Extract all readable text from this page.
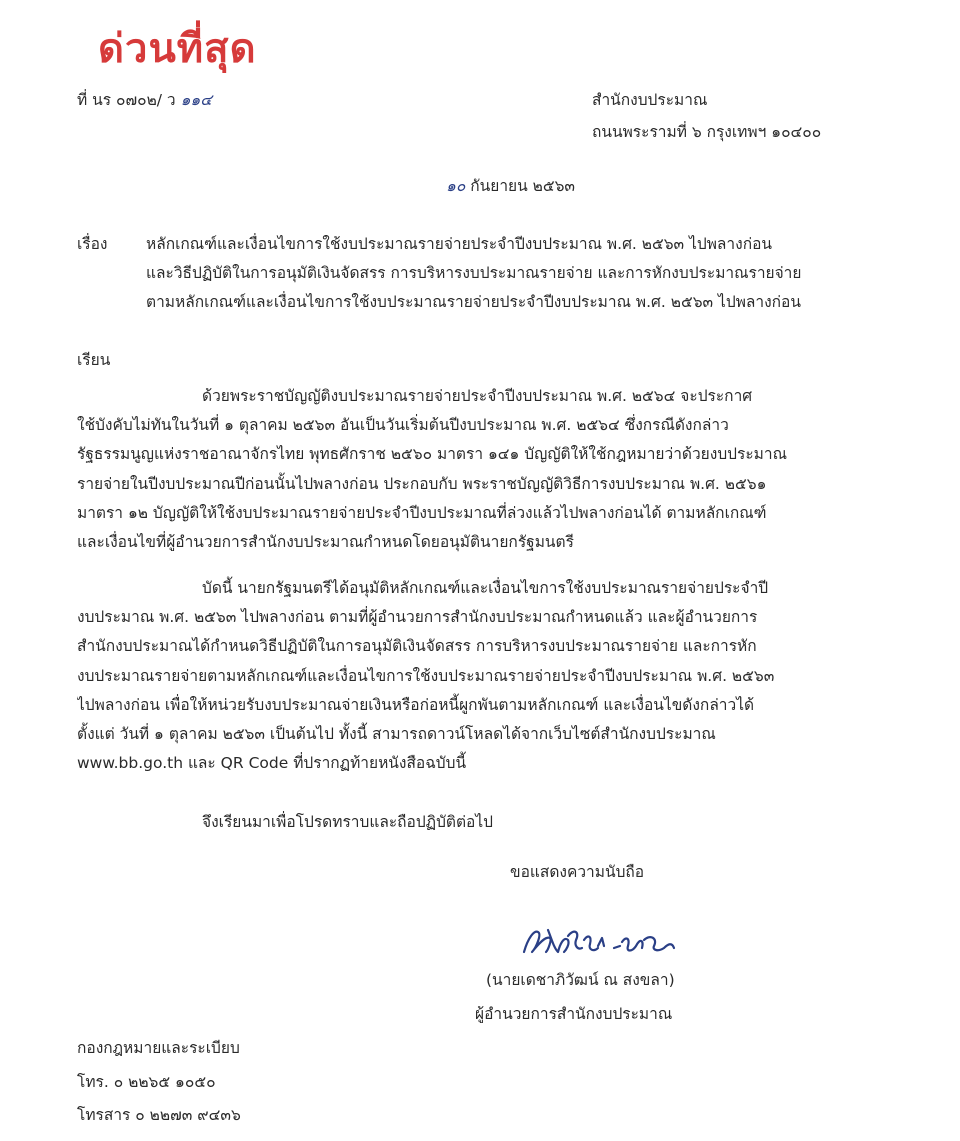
ด่วนที่สุด
ที่ นร ๐๗๐๒/ ว ๑๑๔	สำนักงบประมาณ
ถนนพระรามที่ ๖ กรุงเทพฯ ๑๐๔๐๐
๑๐ กันยายน ๒๕๖๓
เรื่อง หลักเกณฑ์และเงื่อนไขการใช้งบประมาณรายจ่ายประจำปีงบประมาณ พ.ศ. ๒๕๖๓ ไปพลางก่อน
และวิธีปฏิบัติในการอนุมัติเงินจัดสรร การบริหารงบประมาณรายจ่าย และการหักงบประมาณรายจ่าย
ตามหลักเกณฑ์และเงื่อนไขการใช้งบประมาณรายจ่ายประจำปีงบประมาณ พ.ศ. ๒๕๖๓ ไปพลางก่อน
เรียน
ด้วยพระราชบัญญัติงบประมาณรายจ่ายประจำปีงบประมาณ พ.ศ. ๒๕๖๔ จะประกาศ
ใช้บังคับไม่ทันในวันที่ ๑ ตุลาคม ๒๕๖๓ อันเป็นวันเริ่มต้นปีงบประมาณ พ.ศ. ๒๕๖๔ ซึ่งกรณีดังกล่าว
รัฐธรรมนูญแห่งราชอาณาจักรไทย พุทธศักราช ๒๕๖๐ มาตรา ๑๔๑ บัญญัติให้ใช้กฎหมายว่าด้วยงบประมาณ
รายจ่ายในปีงบประมาณปีก่อนนั้นไปพลางก่อน ประกอบกับ พระราชบัญญัติวิธีการงบประมาณ พ.ศ. ๒๕๖๑
มาตรา ๑๒ บัญญัติให้ใช้งบประมาณรายจ่ายประจำปีงบประมาณที่ล่วงแล้วไปพลางก่อนได้ ตามหลักเกณฑ์
และเงื่อนไขที่ผู้อำนวยการสำนักงบประมาณกำหนดโดยอนุมัตินายกรัฐมนตรี
บัดนี้ นายกรัฐมนตรีได้อนุมัติหลักเกณฑ์และเงื่อนไขการใช้งบประมาณรายจ่ายประจำปี
งบประมาณ พ.ศ. ๒๕๖๓ ไปพลางก่อน ตามที่ผู้อำนวยการสำนักงบประมาณกำหนดแล้ว และผู้อำนวยการ
สำนักงบประมาณได้กำหนดวิธีปฏิบัติในการอนุมัติเงินจัดสรร การบริหารงบประมาณรายจ่าย และการหัก
งบประมาณรายจ่ายตามหลักเกณฑ์และเงื่อนไขการใช้งบประมาณรายจ่ายประจำปีงบประมาณ พ.ศ. ๒๕๖๓
ไปพลางก่อน เพื่อให้หน่วยรับงบประมาณจ่ายเงินหรือก่อหนี้ผูกพันตามหลักเกณฑ์ และเงื่อนไขดังกล่าวได้
ตั้งแต่ วันที่ ๑ ตุลาคม ๒๕๖๓ เป็นต้นไป ทั้งนี้ สามารถดาวน์โหลดได้จากเว็บไซต์สำนักงบประมาณ
www.bb.go.th และ QR Code ที่ปรากฏท้ายหนังสือฉบับนี้
จึงเรียนมาเพื่อโปรดทราบและถือปฏิบัติต่อไป
ขอแสดงความนับถือ
(นายเดชาภิวัฒน์ ณ สงขลา)
ผู้อำนวยการสำนักงบประมาณ
กองกฎหมายและระเบียบ
โทร. ๐ ๒๒๖๕ ๑๐๕๐
โทรสาร ๐ ๒๒๗๓ ๙๔๓๖
